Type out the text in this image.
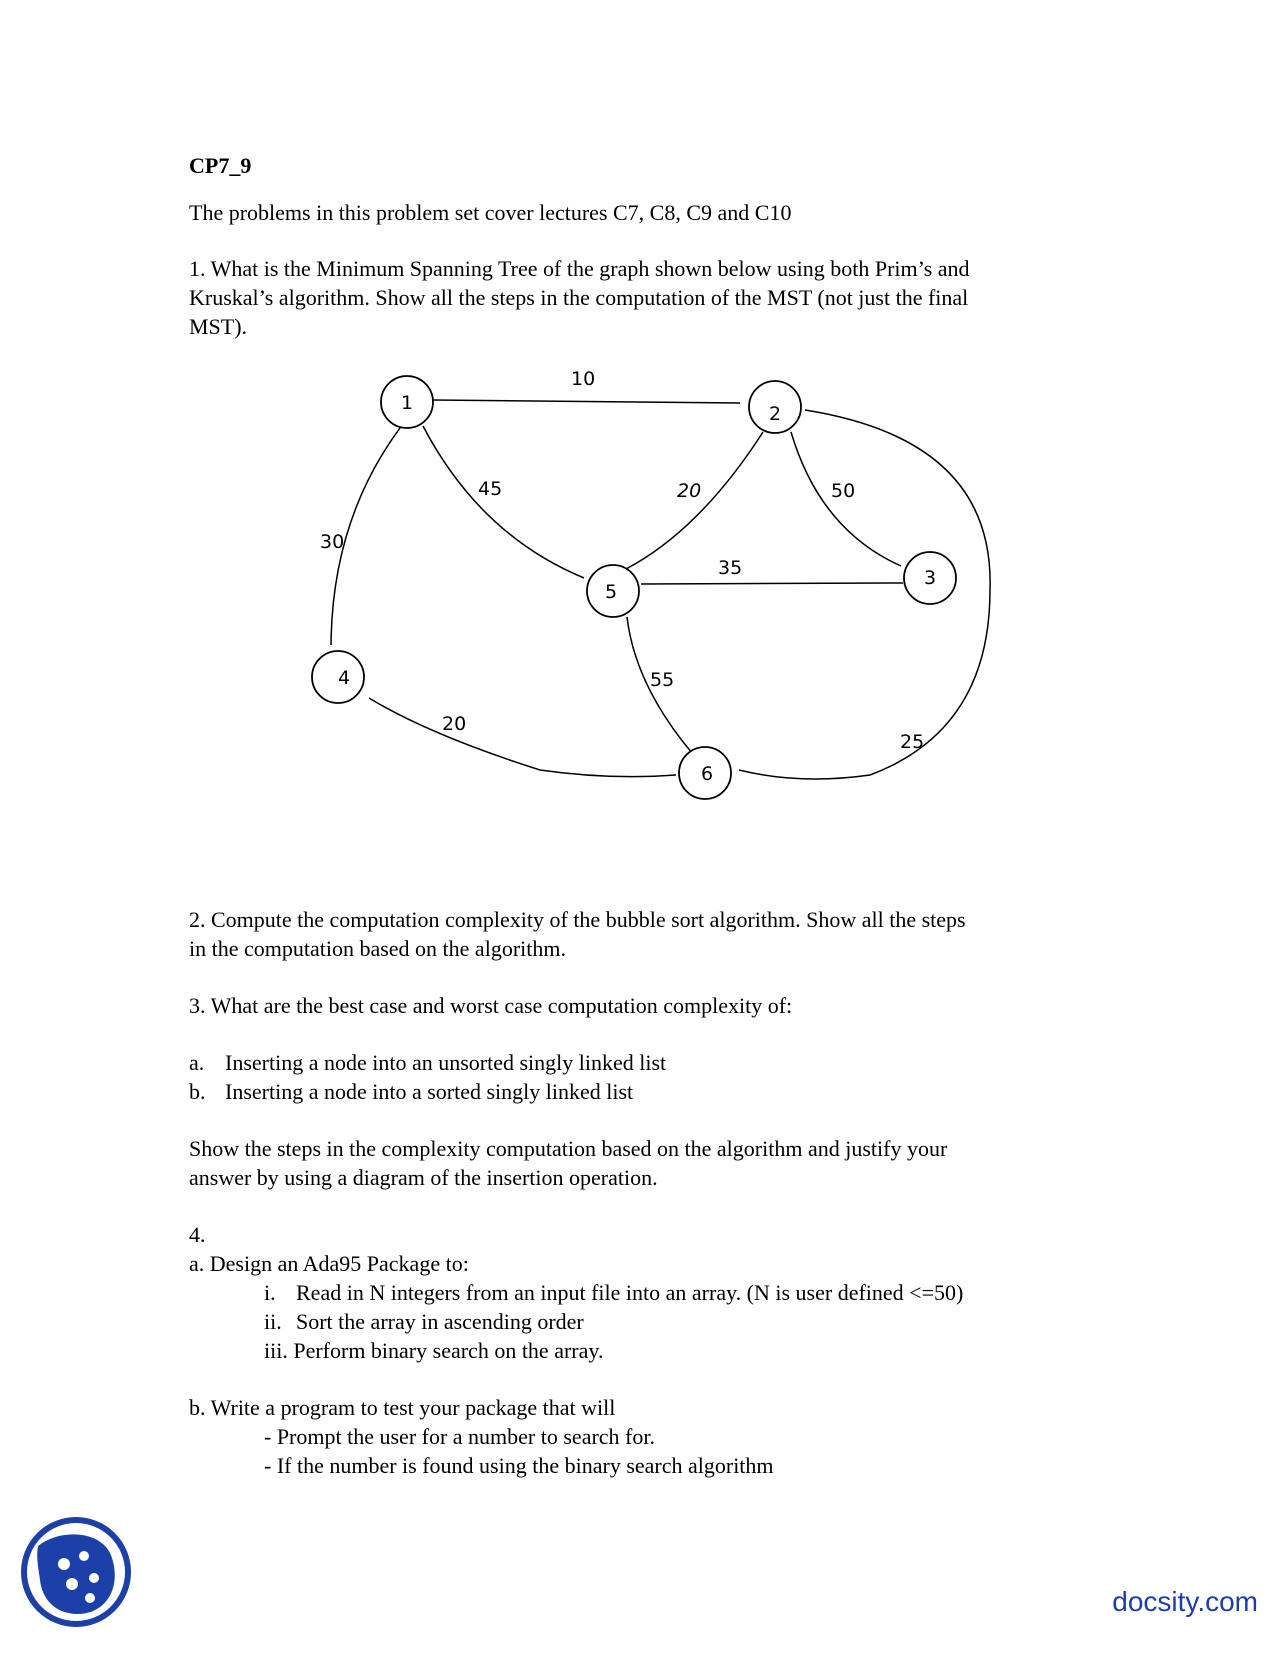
CP7_9
The problems in this problem set cover lectures C7, C8, C9 and C10
1. What is the Minimum Spanning Tree of the graph shown below using both Prim’s and
Kruskal’s algorithm. Show all the steps in the computation of the MST (not just the final
MST).
10
45
30
20	50
25
35
55
20
1	2
3
4
5
6
2. Compute the computation complexity of the bubble sort algorithm. Show all the steps
in the computation based on the algorithm.
3. What are the best case and worst case computation complexity of:
a. Inserting a node into an unsorted singly linked list
b. Inserting a node into a sorted singly linked list
Show the steps in the complexity computation based on the algorithm and justify your
answer by using a diagram of the insertion operation.
4.
a. Design an Ada95 Package to:
i. Read in N integers from an input file into an array. (N is user defined <=50)
ii. Sort the array in ascending order
iii. Perform binary search on the array.
b. Write a program to test your package that will
- Prompt the user for a number to search for.
- If the number is found using the binary search algorithm
docsity.com
